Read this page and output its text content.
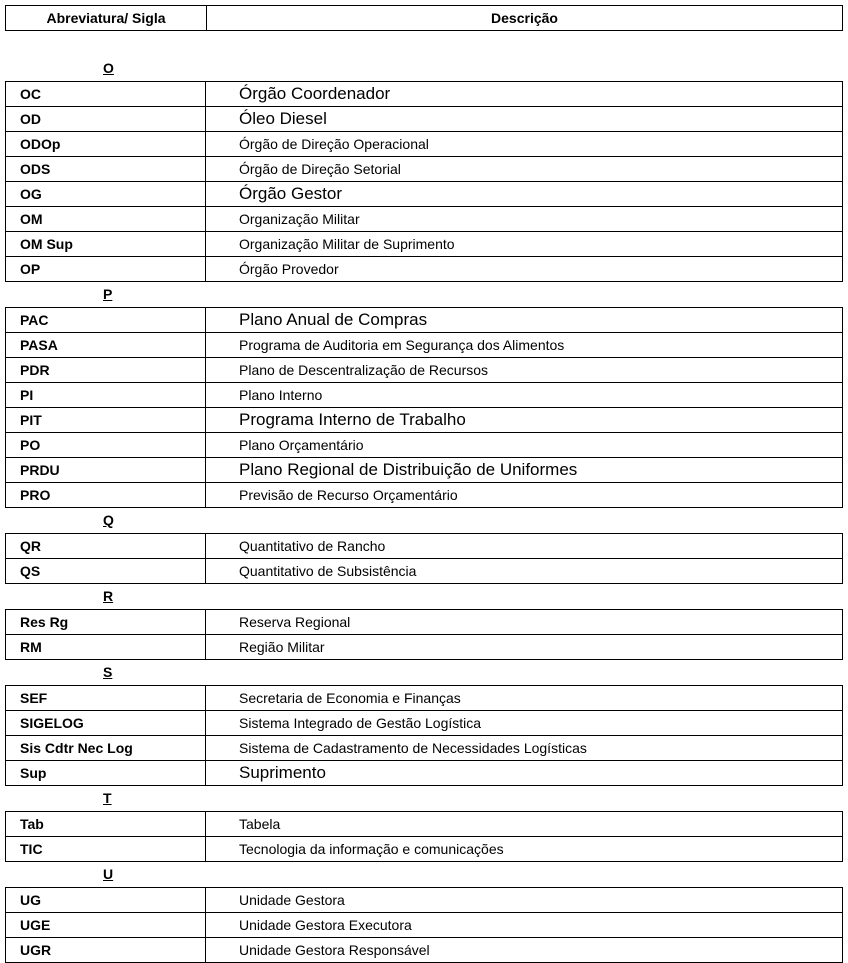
Abreviatura/ Sigla	Descrição
O
OC	Órgão Coordenador
OD	Óleo Diesel
ODOp	Órgão de Direção Operacional
ODS	Órgão de Direção Setorial
OG	Órgão Gestor
OM	Organização Militar
OM Sup	Organização Militar de Suprimento
OP	Órgão Provedor
P
PAC	Plano Anual de Compras
PASA	Programa de Auditoria em Segurança dos Alimentos
PDR	Plano de Descentralização de Recursos
PI	Plano Interno
PIT	Programa Interno de Trabalho
PO	Plano Orçamentário
PRDU	Plano Regional de Distribuição de Uniformes
PRO	Previsão de Recurso Orçamentário
Q
QR	Quantitativo de Rancho
QS	Quantitativo de Subsistência
R
Res Rg	Reserva Regional
RM	Região Militar
S
SEF	Secretaria de Economia e Finanças
SIGELOG	Sistema Integrado de Gestão Logística
Sis Cdtr Nec Log	Sistema de Cadastramento de Necessidades Logísticas
Sup	Suprimento
T
Tab	Tabela
TIC	Tecnologia da informação e comunicações
U
UG	Unidade Gestora
UGE	Unidade Gestora Executora
UGR	Unidade Gestora Responsável
